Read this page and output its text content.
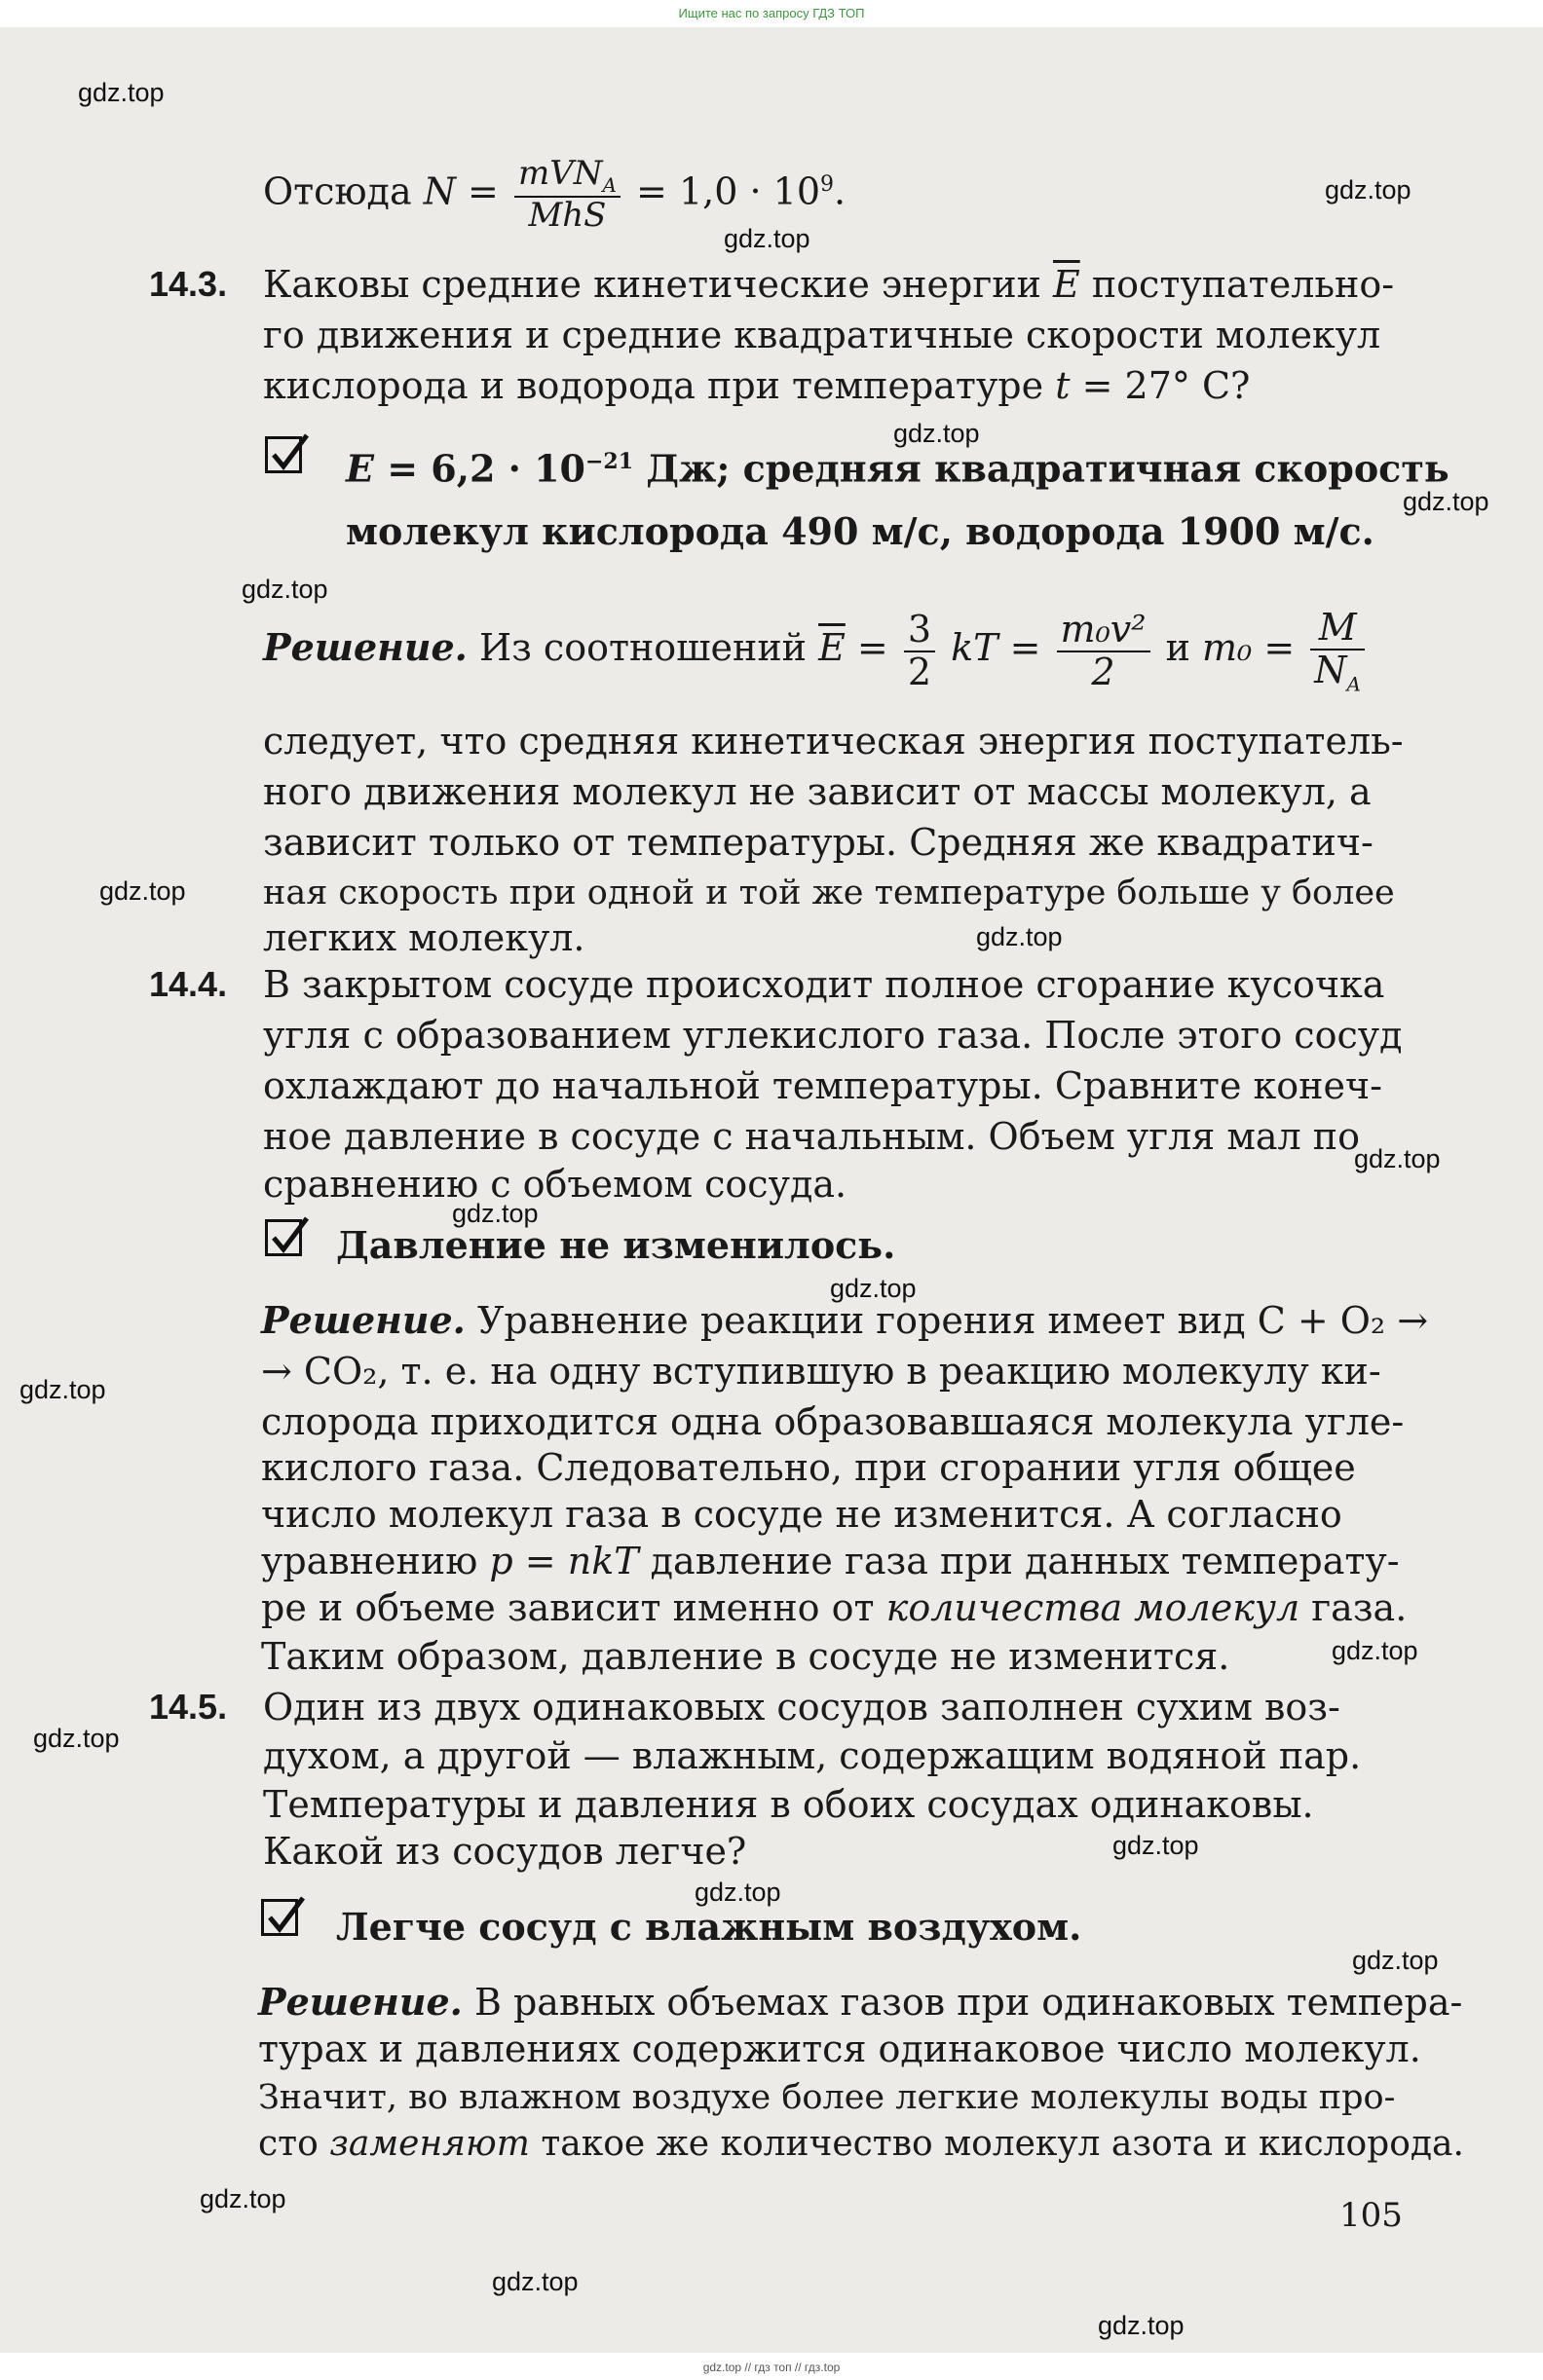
Ищите нас по запросу ГДЗ ТОП
gdz.top
gdz.top
gdz.top
gdz.top
gdz.top
gdz.top
gdz.top
gdz.top
gdz.top
gdz.top
gdz.top
gdz.top
gdz.top
gdz.top
gdz.top
gdz.top
gdz.top
gdz.top
gdz.top
gdz.top
Отсюда $N = \frac{mVN_A}{\text{MhS}} = 1,0 \cdot 10^9$.
14.3. Каковы средние кинетические энергии $\overline{E}$ поступательно-
го движения и средние квадратичные скорости молекул
кислорода и водорода при температуре t = 27° C?
$E = 6,2 \cdot 10^{-21}$ Дж; средняя квадратичная скорость
молекул кислорода 490 м/с, водорода 1900 м/с.
Решение. Из соотношений $\overline{E} = \frac{3}{2}$ kT = $\frac{\text{m₀v²}}{2}$ и $m_0 = \frac{M}{N_A}$
следует, что средняя кинетическая энергия поступатель-
ного движения молекул не зависит от массы молекул, а
зависит только от температуры. Средняя же квадратич-
ная скорость при одной и той же температуре больше у более
легких молекул.
14.4. В закрытом сосуде происходит полное сгорание кусочка
угля с образованием углекислого газа. После этого сосуд
охлаждают до начальной температуры. Сравните конеч-
ное давление в сосуде с начальным. Объем угля мал по
сравнению с объемом сосуда.
Давление не изменилось.
Решение. Уравнение реакции горения имеет вид C + O₂ →
→ CO₂, т. е. на одну вступившую в реакцию молекулу ки-
слорода приходится одна образовавшаяся молекула угле-
кислого газа. Следовательно, при сгорании угля общее
число молекул газа в сосуде не изменится. А согласно
уравнению p = nkT давление газа при данных температу-
ре и объеме зависит именно от количества молекул газа.
Таким образом, давление в сосуде не изменится.
14.5. Один из двух одинаковых сосудов заполнен сухим воз-
духом, а другой — влажным, содержащим водяной пар.
Температуры и давления в обоих сосудах одинаковы.
Какой из сосудов легче?
Легче сосуд с влажным воздухом.
Решение. В равных объемах газов при одинаковых темпера-
турах и давлениях содержится одинаковое число молекул.
Значит, во влажном воздухе более легкие молекулы воды про-
сто заменяют такое же количество молекул азота и кислорода.
105
gdz.top // гдз топ // гдз.top
